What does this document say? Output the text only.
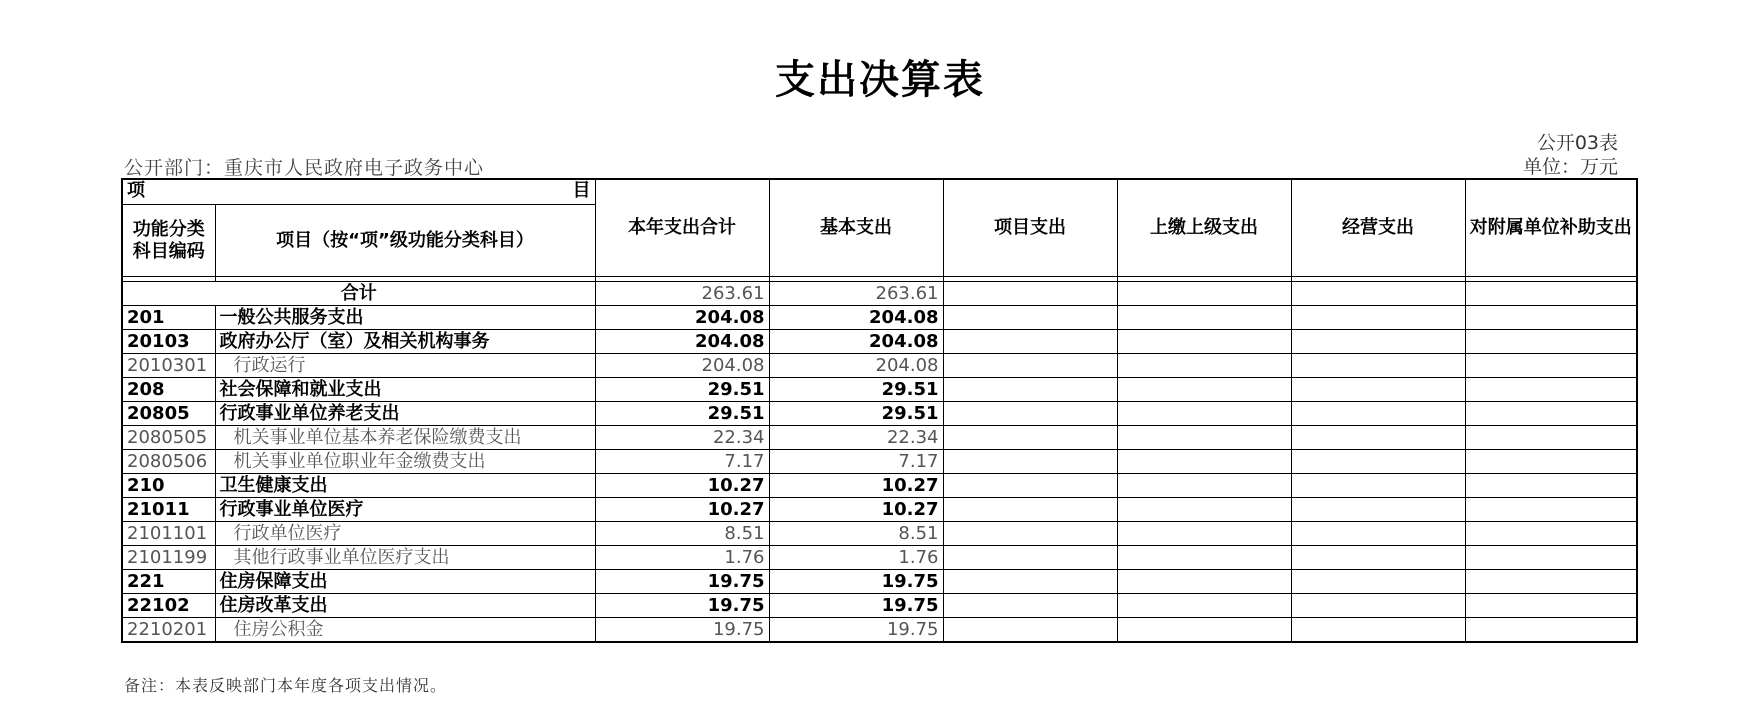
支出决算表
公开03表
单位：万元
公开部门：重庆市人民政府电子政务中心
项 目		本年支出合计	基本支出	项目支出	上缴上级支出	经营支出	对附属单位补助支出
功能分类科目编码	项目（按“项”级功能分类科目）						

合计		263.61	263.61				
201	一般公共服务支出	204.08	204.08				
20103	政府办公厅（室）及相关机构事务	204.08	204.08				
2010301	行政运行	204.08	204.08				
208	社会保障和就业支出	29.51	29.51				
20805	行政事业单位养老支出	29.51	29.51				
2080505	机关事业单位基本养老保险缴费支出	22.34	22.34				
2080506	机关事业单位职业年金缴费支出	7.17	7.17				
210	卫生健康支出	10.27	10.27				
21011	行政事业单位医疗	10.27	10.27				
2101101	行政单位医疗	8.51	8.51				
2101199	其他行政事业单位医疗支出	1.76	1.76				
221	住房保障支出	19.75	19.75				
22102	住房改革支出	19.75	19.75				
2210201	住房公积金	19.75	19.75				
备注：本表反映部门本年度各项支出情况。
